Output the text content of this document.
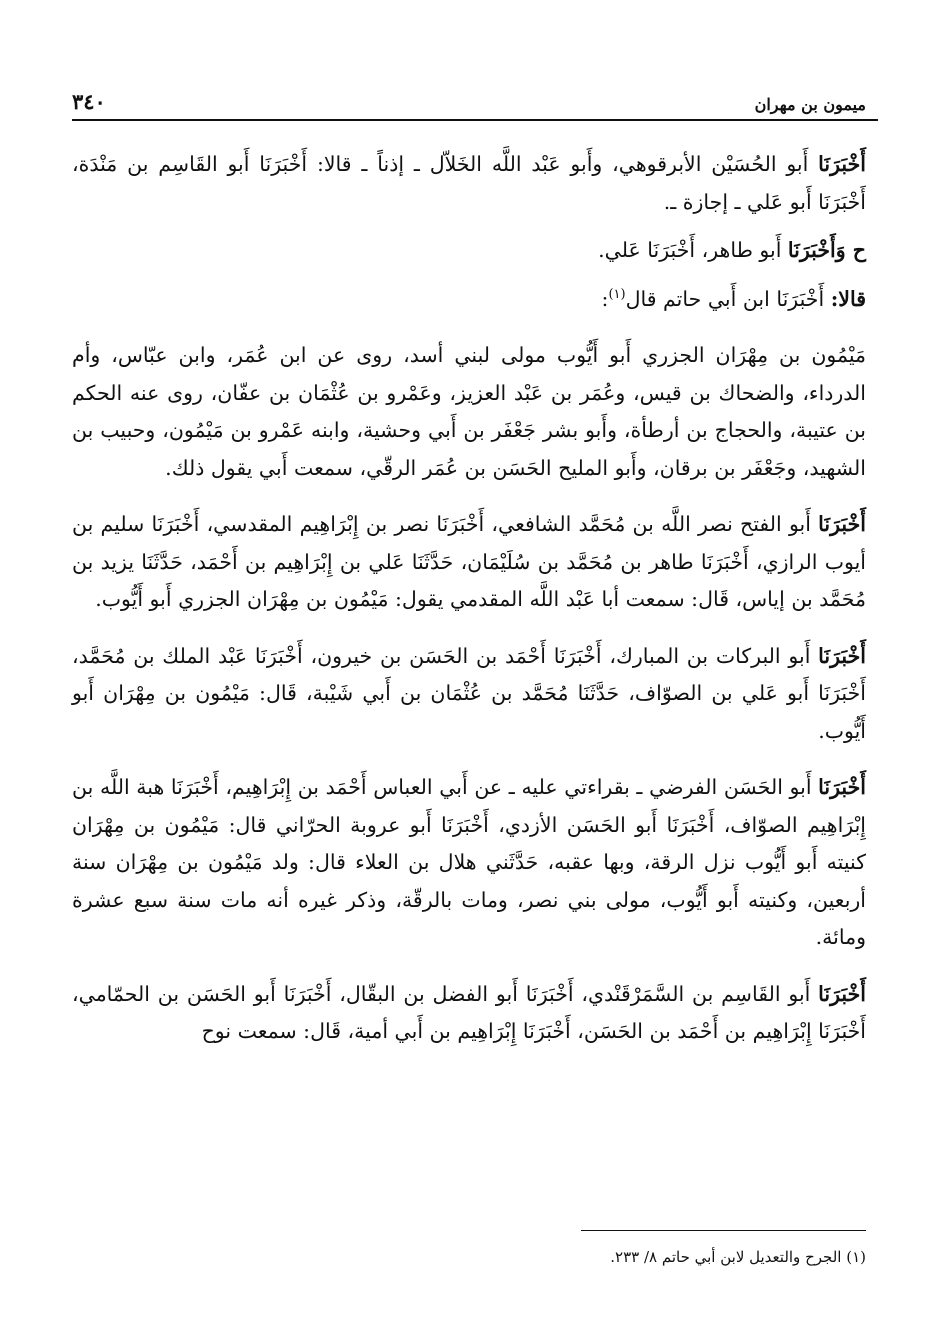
ميمون بن مهران
٣٤٠

أَخْبَرَنَا أَبو الحُسَيْن الأبرقوهي، وأَبو عَبْد اللَّه الخَلاّل ـ إذناً ـ قالا: أَخْبَرَنَا أَبو القَاسِم بن مَنْدَة، أَخْبَرَنَا أَبو عَلي ـ إجازة ـ.

ح وَأَخْبَرَنَا أَبو طاهر، أَخْبَرَنَا عَلي.

قالا: أَخْبَرَنَا ابن أَبي حاتم قال$^{(١)}$:

مَيْمُون بن مِهْرَان الجزري أَبو أَيُّوب مولى لبني أسد، روى عن ابن عُمَر، وابن عبّاس، وأم الدرداء، والضحاك بن قيس، وعُمَر بن عَبْد العزيز، وعَمْرو بن عُثْمَان بن عفّان، روى عنه الحكم بن عتيبة، والحجاج بن أرطأة، وأَبو بشر جَعْفَر بن أَبي وحشية، وابنه عَمْرو بن مَيْمُون، وحبيب بن الشهيد، وجَعْفَر بن برقان، وأَبو المليح الحَسَن بن عُمَر الرقّي، سمعت أَبي يقول ذلك.

أَخْبَرَنَا أَبو الفتح نصر اللَّه بن مُحَمَّد الشافعي، أَخْبَرَنَا نصر بن إِبْرَاهِيم المقدسي، أَخْبَرَنَا سليم بن أيوب الرازي، أَخْبَرَنَا طاهر بن مُحَمَّد بن سُلَيْمَان، حَدَّثَنَا عَلي بن إِبْرَاهِيم بن أَحْمَد، حَدَّثَنَا يزيد بن مُحَمَّد بن إياس، قَال: سمعت أبا عَبْد اللَّه المقدمي يقول: مَيْمُون بن مِهْرَان الجزري أَبو أَيُّوب.

أَخْبَرَنَا أَبو البركات بن المبارك، أَخْبَرَنَا أَحْمَد بن الحَسَن بن خيرون، أَخْبَرَنَا عَبْد الملك بن مُحَمَّد، أَخْبَرَنَا أَبو عَلي بن الصوّاف، حَدَّثَنَا مُحَمَّد بن عُثْمَان بن أَبي شَيْبة، قَال: مَيْمُون بن مِهْرَان أَبو أَيُّوب.

أَخْبَرَنَا أَبو الحَسَن الفرضي ـ بقراءتي عليه ـ عن أَبي العباس أَحْمَد بن إِبْرَاهِيم، أَخْبَرَنَا هبة اللَّه بن إِبْرَاهِيم الصوّاف، أَخْبَرَنَا أَبو الحَسَن الأزدي، أَخْبَرَنَا أَبو عروبة الحرّاني قال: مَيْمُون بن مِهْرَان كنيته أَبو أَيُّوب نزل الرقة، وبها عقبه، حَدَّثَني هلال بن العلاء قال: ولد مَيْمُون بن مِهْرَان سنة أربعين، وكنيته أَبو أَيُّوب، مولى بني نصر، ومات بالرقّة، وذكر غيره أنه مات سنة سبع عشرة ومائة.

أَخْبَرَنَا أَبو القَاسِم بن السَّمَرْقَنْدي، أَخْبَرَنَا أَبو الفضل بن البقّال، أَخْبَرَنَا أَبو الحَسَن بن الحمّامي، أَخْبَرَنَا إِبْرَاهِيم بن أَحْمَد بن الحَسَن، أَخْبَرَنَا إِبْرَاهِيم بن أَبي أمية، قَال: سمعت نوح

(١) الجرح والتعديل لابن أبي حاتم ٨/ ٢٣٣.
